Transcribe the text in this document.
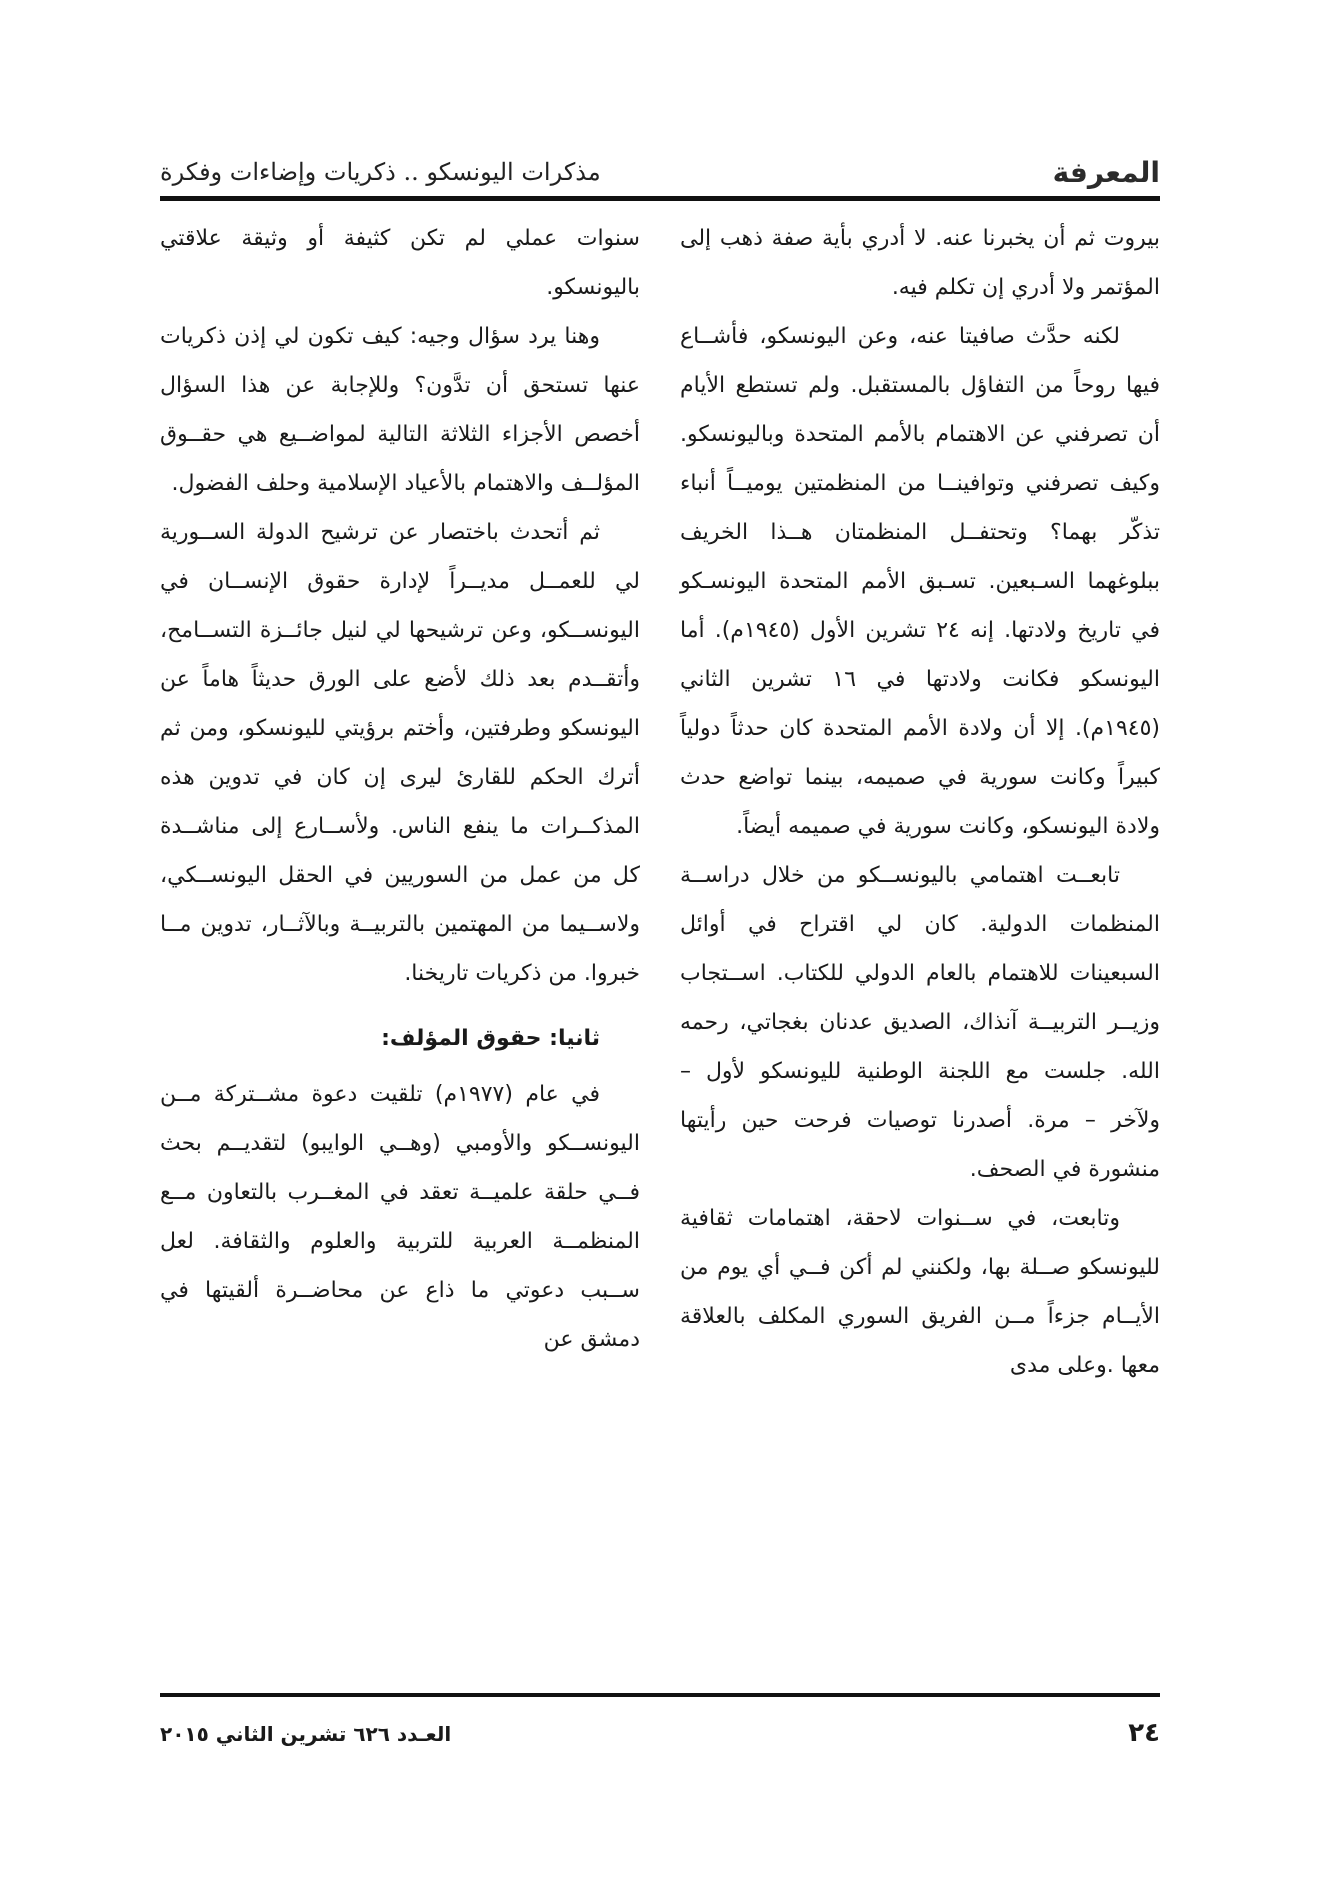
المعرفة
مذكرات اليونسكو .. ذكريات وإضاءات وفكرة

بيروت ثم أن يخبرنا عنه. لا أدري بأية صفة ذهب إلى المؤتمر ولا أدري إن تكلم فيه.

لكنه حدَّث صافيتا عنه، وعن اليونسكو، فأشــاع فيها روحاً من التفاؤل بالمستقبل. ولم تستطع الأيام أن تصرفني عن الاهتمام بالأمم المتحدة وباليونسكو. وكيف تصرفني وتوافينــا من المنظمتين يوميــاً أنباء تذكّر بهما؟ وتحتفــل المنظمتان هــذا الخريف ببلوغهما السـبعين. تسـبق الأمم المتحدة اليونسـكو في تاريخ ولادتها. إنه ٢٤ تشرين الأول (١٩٤٥م). أما اليونسكو فكانت ولادتها في ١٦ تشرين الثاني (١٩٤٥م). إلا أن ولادة الأمم المتحدة كان حدثاً دولياً كبيراً وكانت سورية في صميمه، بينما تواضع حدث ولادة اليونسكو، وكانت سورية في صميمه أيضاً.

تابعــت اهتمامي باليونســكو من خلال دراســة المنظمات الدولية. كان لي اقتراح في أوائل السبعينات للاهتمام بالعام الدولي للكتاب. اســتجاب وزيــر التربيــة آنذاك، الصديق عدنان بغجاتي، رحمه الله. جلست مع اللجنة الوطنية لليونسكو لأول – ولآخر – مرة. أصدرنا توصيات فرحت حين رأيتها منشورة في الصحف.

وتابعت، في ســنوات لاحقة، اهتمامات ثقافية لليونسكو صــلة بها، ولكنني لم أكن فــي أي يوم من الأيــام جزءاً مــن الفريق السوري المكلف بالعلاقة معها .وعلى مدى

سنوات عملي لم تكن كثيفة أو وثيقة علاقتي باليونسكو.

وهنا يرد سؤال وجيه: كيف تكون لي إذن ذكريات عنها تستحق أن تدَّون؟ وللإجابة عن هذا السؤال أخصص الأجزاء الثلاثة التالية لمواضــيع هي حقــوق المؤلــف والاهتمام بالأعياد الإسلامية وحلف الفضول.

ثم أتحدث باختصار عن ترشيح الدولة الســورية لي للعمــل مديــراً لإدارة حقوق الإنســان في اليونســكو، وعن ترشيحها لي لنيل جائــزة التســامح، وأتقــدم بعد ذلك لأضع على الورق حديثاً هاماً عن اليونسكو وطرفتين، وأختم برؤيتي لليونسكو، ومن ثم أترك الحكم للقارئ ليرى إن كان في تدوين هذه المذكــرات ما ينفع الناس. ولأســارع إلى مناشــدة كل من عمل من السوريين في الحقل اليونســكي، ولاســيما من المهتمين بالتربيــة وبالآثــار، تدوين مــا خبروا. من ذكريات تاريخنا.

ثانيا: حقوق المؤلف:

في عام (١٩٧٧م) تلقيت دعوة مشــتركة مــن اليونســكو والأومبي (وهــي الوايبو) لتقديــم بحث فــي حلقة علميــة تعقد في المغــرب بالتعاون مــع المنظمــة العربية للتربية والعلوم والثقافة. لعل ســبب دعوتي ما ذاع عن محاضــرة ألقيتها في دمشق عن

٢٤
العـدد ٦٢٦ تشرين الثاني ٢٠١٥
